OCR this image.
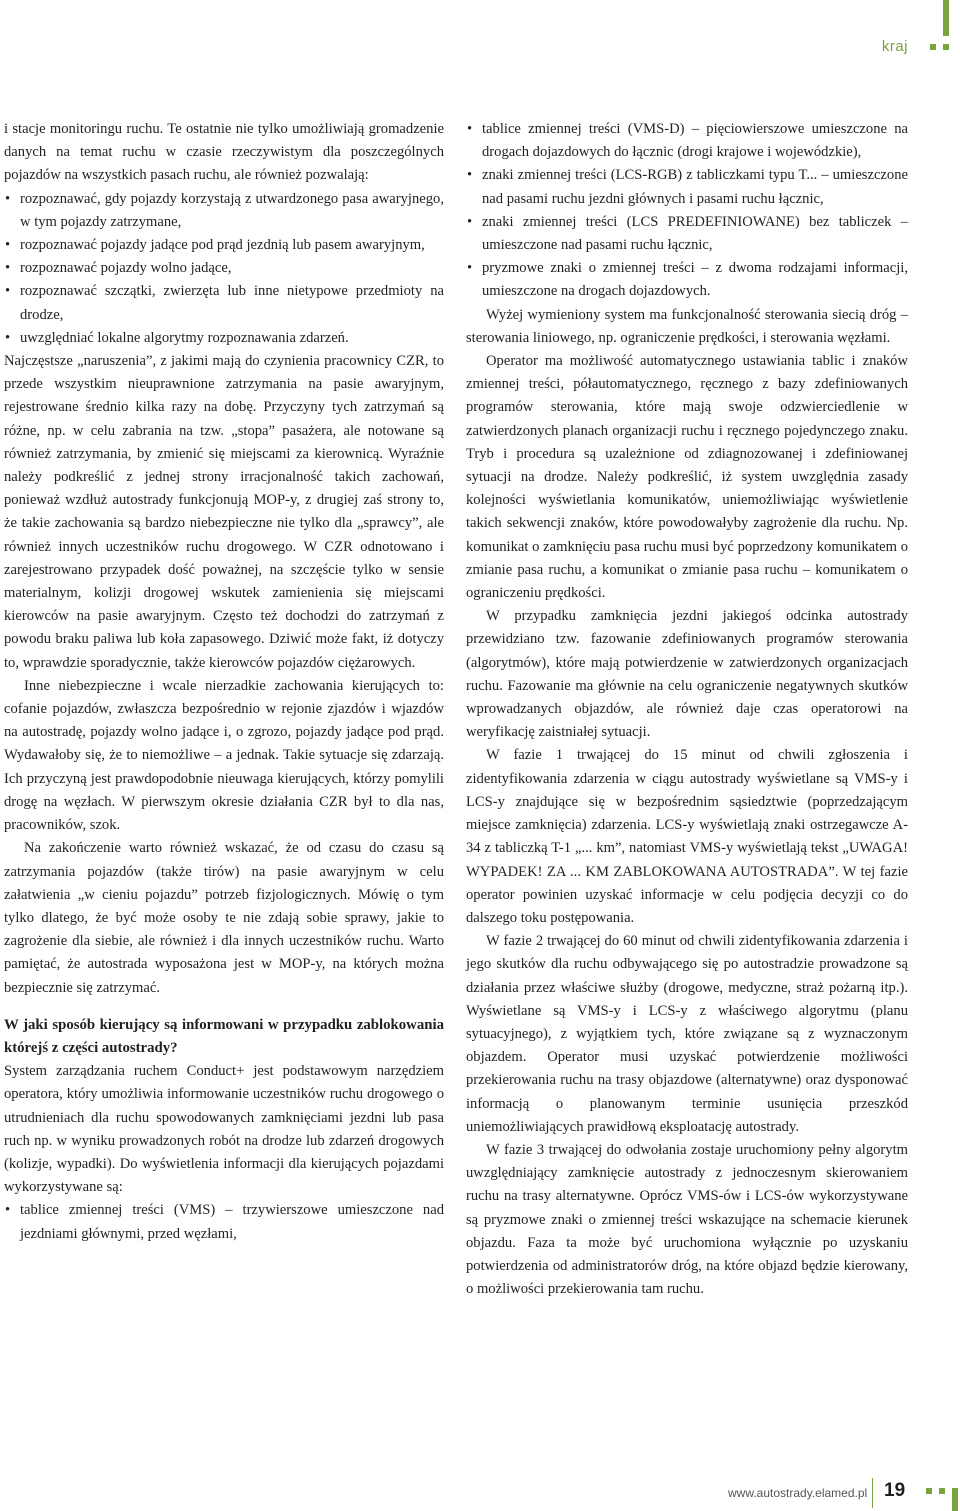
kraj

i stacje monitoringu ruchu. Te ostatnie nie tylko umożliwiają gromadzenie danych na temat ruchu w czasie rzeczywistym dla poszczególnych pojazdów na wszystkich pasach ruchu, ale również pozwalają:

• rozpoznawać, gdy pojazdy korzystają z utwardzonego pasa awaryjnego, w tym pojazdy zatrzymane,
• rozpoznawać pojazdy jadące pod prąd jezdnią lub pasem awaryjnym,
• rozpoznawać pojazdy wolno jadące,
• rozpoznawać szczątki, zwierzęta lub inne nietypowe przedmioty na drodze,
• uwzględniać lokalne algorytmy rozpoznawania zdarzeń.

Najczęstsze „naruszenia”, z jakimi mają do czynienia pracownicy CZR, to przede wszystkim nieuprawnione zatrzymania na pasie awaryjnym, rejestrowane średnio kilka razy na dobę. Przyczyny tych zatrzymań są różne, np. w celu zabrania na tzw. „stopa” pasażera, ale notowane są również zatrzymania, by zmienić się miejscami za kierownicą. Wyraźnie należy podkreślić z jednej strony irracjonalność takich zachowań, ponieważ wzdłuż autostrady funkcjonują MOP-y, z drugiej zaś strony to, że takie zachowania są bardzo niebezpieczne nie tylko dla „sprawcy”, ale również innych uczestników ruchu drogowego. W CZR odnotowano i zarejestrowano przypadek dość poważnej, na szczęście tylko w sensie materialnym, kolizji drogowej wskutek zamienienia się miejscami kierowców na pasie awaryjnym. Często też dochodzi do zatrzymań z powodu braku paliwa lub koła zapasowego. Dziwić może fakt, iż dotyczy to, wprawdzie sporadycznie, także kierowców pojazdów ciężarowych.

Inne niebezpieczne i wcale nierzadkie zachowania kierujących to: cofanie pojazdów, zwłaszcza bezpośrednio w rejonie zjazdów i wjazdów na autostradę, pojazdy wolno jadące i, o zgrozo, pojazdy jadące pod prąd. Wydawałoby się, że to niemożliwe – a jednak. Takie sytuacje się zdarzają. Ich przyczyną jest prawdopodobnie nieuwaga kierujących, którzy pomylili drogę na węzłach. W pierwszym okresie działania CZR był to dla nas, pracowników, szok.

Na zakończenie warto również wskazać, że od czasu do czasu są zatrzymania pojazdów (także tirów) na pasie awaryjnym w celu załatwienia „w cieniu pojazdu” potrzeb fizjologicznych. Mówię o tym tylko dlatego, że być może osoby te nie zdają sobie sprawy, jakie to zagrożenie dla siebie, ale również i dla innych uczestników ruchu. Warto pamiętać, że autostrada wyposażona jest w MOP-y, na których można bezpiecznie się zatrzymać.

W jaki sposób kierujący są informowani w przypadku zablokowania którejś z części autostrady?

System zarządzania ruchem Conduct+ jest podstawowym narzędziem operatora, który umożliwia informowanie uczestników ruchu drogowego o utrudnieniach dla ruchu spowodowanych zamknięciami jezdni lub pasa ruch np. w wyniku prowadzonych robót na drodze lub zdarzeń drogowych (kolizje, wypadki). Do wyświetlenia informacji dla kierujących pojazdami wykorzystywane są:

• tablice zmiennej treści (VMS) – trzywierszowe umieszczone nad jezdniami głównymi, przed węzłami,
• tablice zmiennej treści (VMS-D) – pięciowierszowe umieszczone na drogach dojazdowych do łącznic (drogi krajowe i wojewódzkie),
• znaki zmiennej treści (LCS-RGB) z tabliczkami typu T... – umieszczone nad pasami ruchu jezdni głównych i pasami ruchu łącznic,
• znaki zmiennej treści (LCS PREDEFINIOWANE) bez tabliczek – umieszczone nad pasami ruchu łącznic,
• pryzmowe znaki o zmiennej treści – z dwoma rodzajami informacji, umieszczone na drogach dojazdowych.

Wyżej wymieniony system ma funkcjonalność sterowania siecią dróg – sterowania liniowego, np. ograniczenie prędkości, i sterowania węzłami.

Operator ma możliwość automatycznego ustawiania tablic i znaków zmiennej treści, półautomatycznego, ręcznego z bazy zdefiniowanych programów sterowania, które mają swoje odzwierciedlenie w zatwierdzonych planach organizacji ruchu i ręcznego pojedynczego znaku. Tryb i procedura są uzależnione od zdiagnozowanej i zdefiniowanej sytuacji na drodze. Należy podkreślić, iż system uwzględnia zasady kolejności wyświetlania komunikatów, uniemożliwiając wyświetlenie takich sekwencji znaków, które powodowałyby zagrożenie dla ruchu. Np. komunikat o zamknięciu pasa ruchu musi być poprzedzony komunikatem o zmianie pasa ruchu, a komunikat o zmianie pasa ruchu – komunikatem o ograniczeniu prędkości.

W przypadku zamknięcia jezdni jakiegoś odcinka autostrady przewidziano tzw. fazowanie zdefiniowanych programów sterowania (algorytmów), które mają potwierdzenie w zatwierdzonych organizacjach ruchu. Fazowanie ma głównie na celu ograniczenie negatywnych skutków wprowadzanych objazdów, ale również daje czas operatorowi na weryfikację zaistniałej sytuacji.

W fazie 1 trwającej do 15 minut od chwili zgłoszenia i zidentyfikowania zdarzenia w ciągu autostrady wyświetlane są VMS-y i LCS-y znajdujące się w bezpośrednim sąsiedztwie (poprzedzającym miejsce zamknięcia) zdarzenia. LCS-y wyświetlają znaki ostrzegawcze A-34 z tabliczką T-1 „... km”, natomiast VMS-y wyświetlają tekst „UWAGA! WYPADEK! ZA ... KM ZABLOKOWANA AUTOSTRADA”. W tej fazie operator powinien uzyskać informacje w celu podjęcia decyzji co do dalszego toku postępowania.

W fazie 2 trwającej do 60 minut od chwili zidentyfikowania zdarzenia i jego skutków dla ruchu odbywającego się po autostradzie prowadzone są działania przez właściwe służby (drogowe, medyczne, straż pożarną itp.). Wyświetlane są VMS-y i LCS-y z właściwego algorytmu (planu sytuacyjnego), z wyjątkiem tych, które związane są z wyznaczonym objazdem. Operator musi uzyskać potwierdzenie możliwości przekierowania ruchu na trasy objazdowe (alternatywne) oraz dysponować informacją o planowanym terminie usunięcia przeszkód uniemożliwiających prawidłową eksploatację autostrady.

W fazie 3 trwającej do odwołania zostaje uruchomiony pełny algorytm uwzględniający zamknięcie autostrady z jednoczesnym skierowaniem ruchu na trasy alternatywne. Oprócz VMS-ów i LCS-ów wykorzystywane są pryzmowe znaki o zmiennej treści wskazujące na schemacie kierunek objazdu. Faza ta może być uruchomiona wyłącznie po uzyskaniu potwierdzenia od administratorów dróg, na które objazd będzie kierowany, o możliwości przekierowania tam ruchu.

www.autostrady.elamed.pl 19
